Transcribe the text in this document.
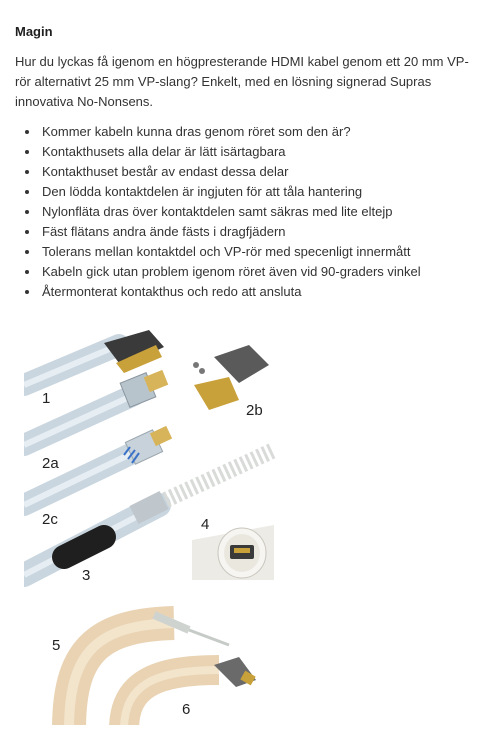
Magin

Hur du lyckas få igenom en högpresterande HDMI kabel genom ett 20 mm VP-rör alternativt 25 mm VP-slang? Enkelt, med en lösning signerad Supras innovativa No-Nonsens.

• Kommer kabeln kunna dras genom röret som den är?
• Kontakthusets alla delar är lätt isärtagbara
• Kontakthuset består av endast dessa delar
• Den lödda kontaktdelen är ingjuten för att tåla hantering
• Nylonfläta dras över kontaktdelen samt säkras med lite eltejp
• Fäst flätans andra ände fästs i dragfjädern
• Tolerans mellan kontaktdel och VP-rör med specenligt innermått
• Kabeln gick utan problem igenom röret även vid 90-graders vinkel
• Återmonterat kontakthus och redo att ansluta
1
2b
2a
2c	4
3
5
6
